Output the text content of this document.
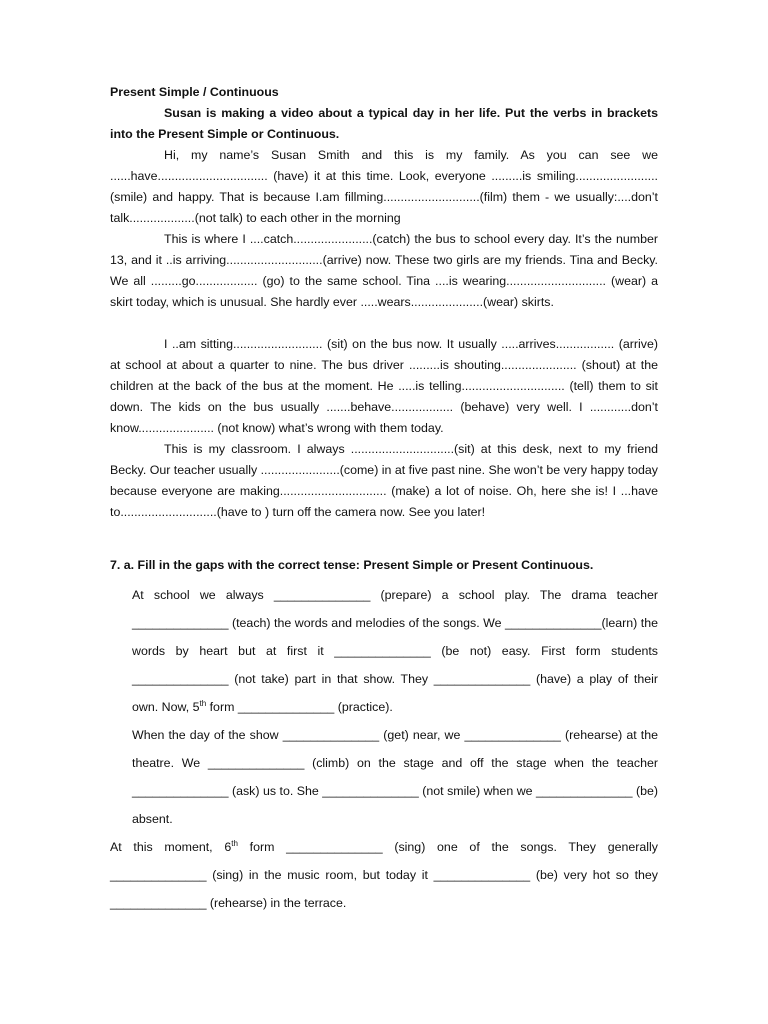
Present Simple / Continuous

Susan is making a video about a typical day in her life. Put the verbs in brackets into the Present Simple or Continuous.

Hi, my name’s Susan Smith and this is my family. As you can see we ......have................................ (have) it at this time. Look, everyone .........is smiling........................(smile) and happy. That is because I.am fillming............................(film) them - we usually:....don’t talk...................(not talk) to each other in the morning

This is where I ....catch.......................(catch) the bus to school every day. It’s the number 13, and it ..is arriving............................(arrive) now. These two girls are my friends. Tina and Becky. We all .........go.................. (go) to the same school. Tina ....is wearing............................. (wear) a skirt today, which is unusual. She hardly ever .....wears.....................(wear) skirts.

I ..am sitting.......................... (sit) on the bus now. It usually .....arrives................. (arrive) at school at about a quarter to nine. The bus driver .........is shouting...................... (shout) at the children at the back of the bus at the moment. He .....is telling.............................. (tell) them to sit down. The kids on the bus usually .......behave.................. (behave) very well. I ............don’t know...................... (not know) what’s wrong with them today.

This is my classroom. I always ..............................(sit) at this desk, next to my friend Becky. Our teacher usually .......................(come) in at five past nine. She won’t be very happy today because everyone are making............................... (make) a lot of noise. Oh, here she is! I ...have to............................(have to ) turn off the camera now. See you later!

7. a. Fill in the gaps with the correct tense: Present Simple or Present Continuous.

At school we always ______________ (prepare) a school play. The drama teacher ______________ (teach) the words and melodies of the songs. We ______________(learn) the words by heart but at first it ______________ (be not) easy. First form students ______________ (not take) part in that show. They ______________ (have) a play of their own. Now, 5th form ______________ (practice).

When the day of the show ______________ (get) near, we ______________ (rehearse) at the theatre. We ______________ (climb) on the stage and off the stage when the teacher ______________ (ask) us to. She ______________ (not smile) when we ______________ (be) absent.

At this moment, 6th form ______________ (sing) one of the songs. They generally ______________ (sing) in the music room, but today it ______________ (be) very hot so they ______________ (rehearse) in the terrace.
